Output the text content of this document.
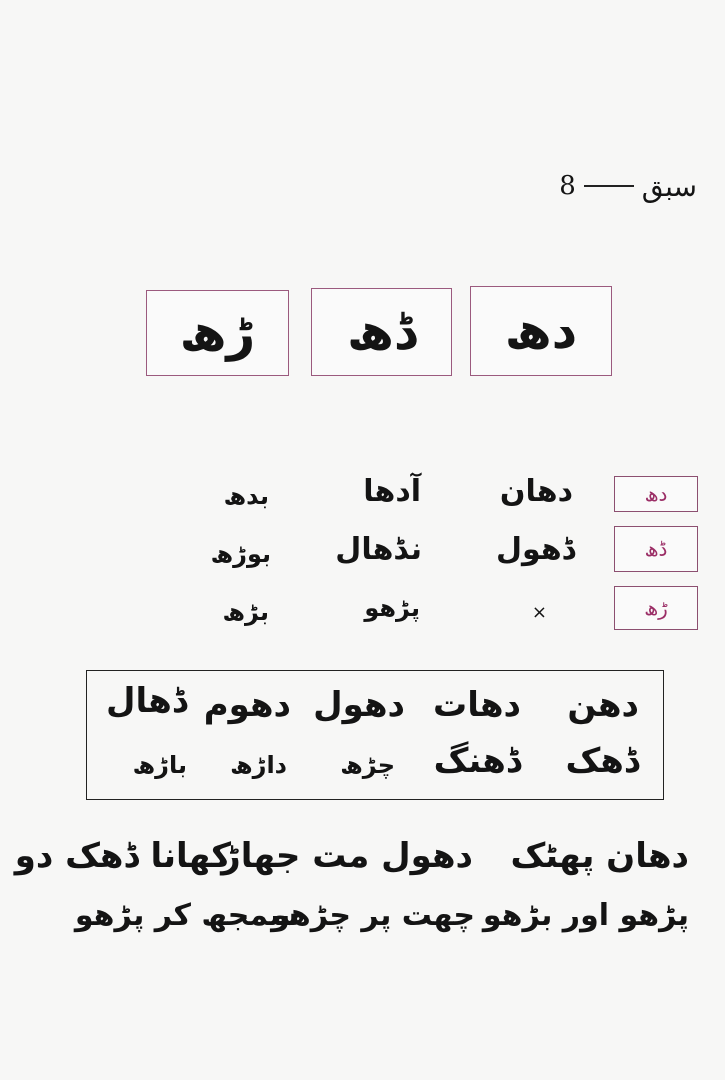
سبق
8
دھ
ڈھ
ڑھ
دھ
دھان
آدھا
بدھ
ڈھ
ڈھول
نڈھال
بوڑھ
ڑھ
×
پڑھو
بڑھ
دھن
دھات
دھول
دھوم
ڈھال
ڈھک
ڈھنگ
چڑھ
داڑھ
باڑھ
دھان پھٹک
دھول مت جھاڑ
کھانا ڈھک دو
پڑھو اور بڑھو
چھت پر چڑھو
سمجھ کر پڑھو
